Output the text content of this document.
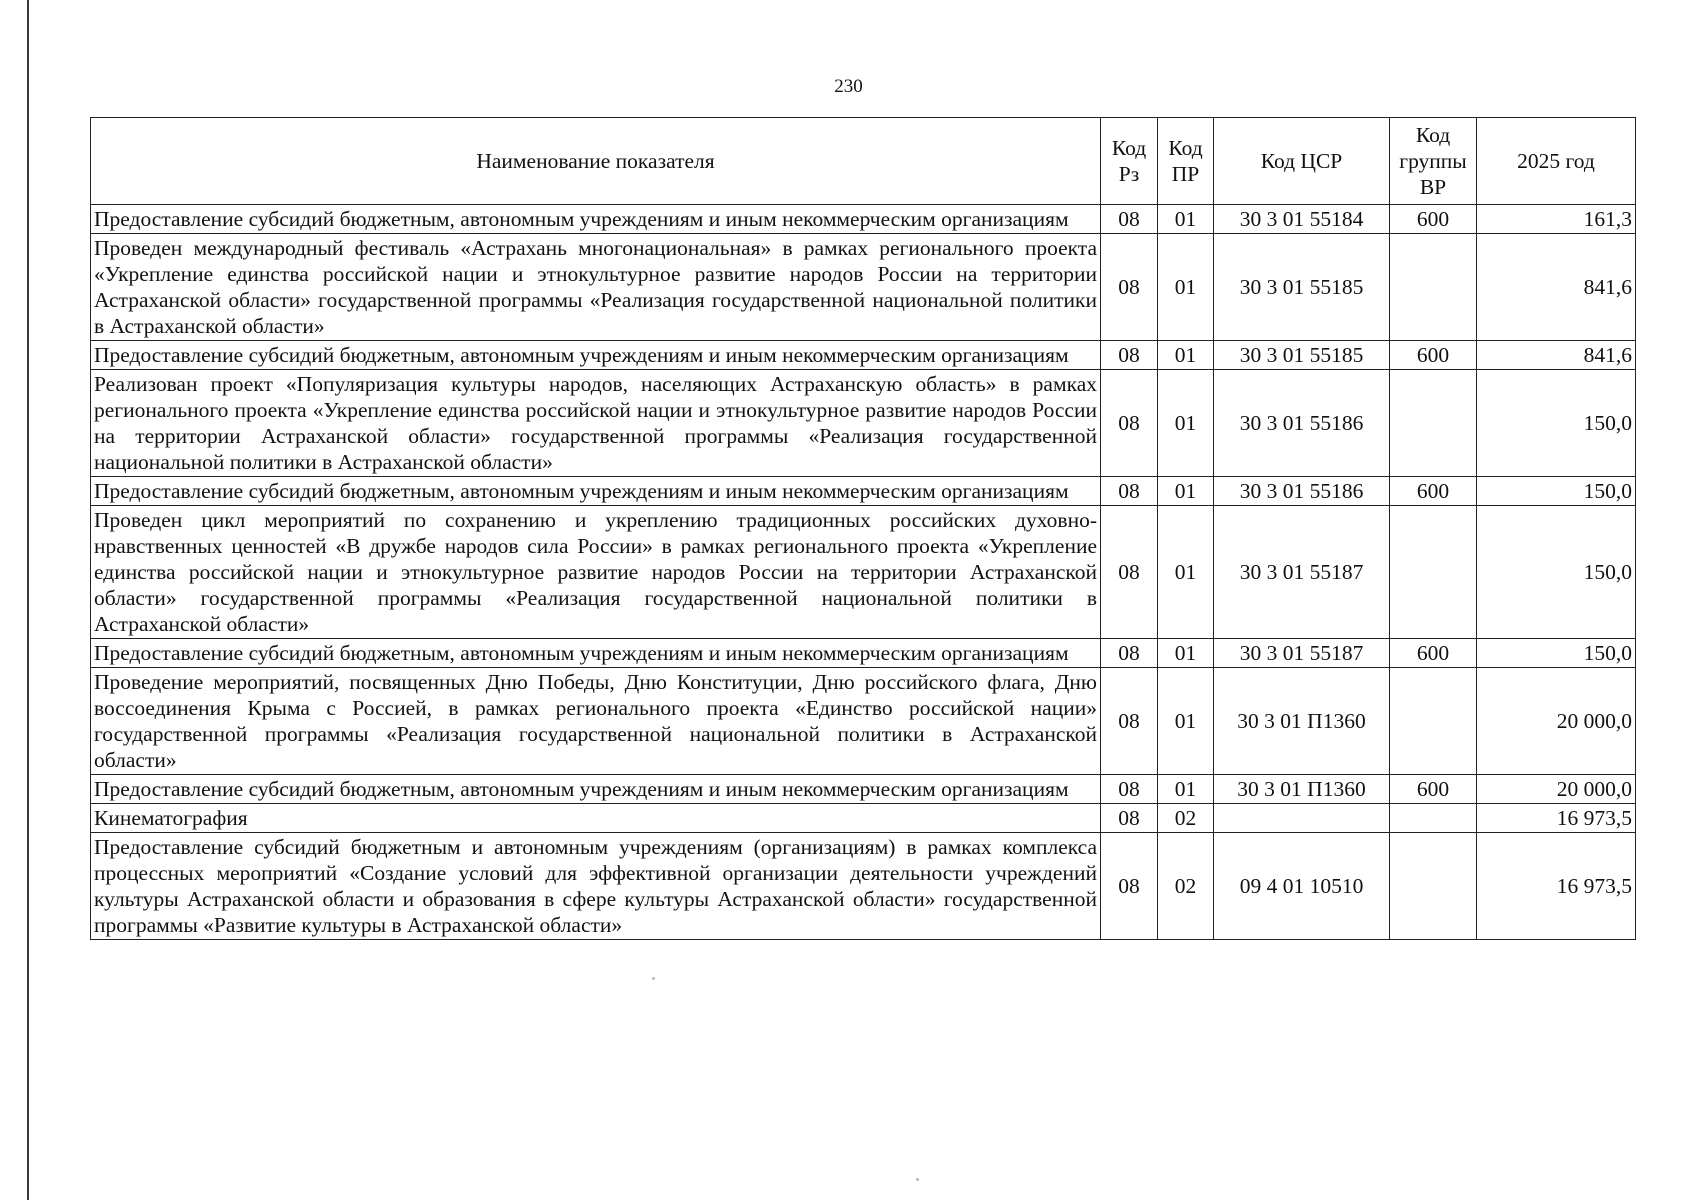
230
Наименование показателя	Код Рз	Код ПР	Код ЦСР	Код группы ВР	2025 год
Предоставление субсидий бюджетным, автономным учреждениям и иным некоммерческим организациям	08	01	30 3 01 55184	600	161,3
Проведен международный фестиваль «Астрахань многонациональная» в рамках регионального проекта «Укрепление единства российской нации и этнокультурное развитие народов России на территории Астраханской области» государственной программы «Реализация государственной национальной политики в Астраханской области»	08	01	30 3 01 55185		841,6
Предоставление субсидий бюджетным, автономным учреждениям и иным некоммерческим организациям	08	01	30 3 01 55185	600	841,6
Реализован проект «Популяризация культуры народов, населяющих Астраханскую область» в рамках регионального проекта «Укрепление единства российской нации и этнокультурное развитие народов России на территории Астраханской области» государственной программы «Реализация государственной национальной политики в Астраханской области»	08	01	30 3 01 55186		150,0
Предоставление субсидий бюджетным, автономным учреждениям и иным некоммерческим организациям	08	01	30 3 01 55186	600	150,0
Проведен цикл мероприятий по сохранению и укреплению традиционных российских духовно-нравственных ценностей «В дружбе народов сила России» в рамках регионального проекта «Укрепление единства российской нации и этнокультурное развитие народов России на территории Астраханской области» государственной программы «Реализация государственной национальной политики в Астраханской области»	08	01	30 3 01 55187		150,0
Предоставление субсидий бюджетным, автономным учреждениям и иным некоммерческим организациям	08	01	30 3 01 55187	600	150,0
Проведение мероприятий, посвященных Дню Победы, Дню Конституции, Дню российского флага, Дню воссоединения Крыма с Россией, в рамках регионального проекта «Единство российской нации» государственной программы «Реализация государственной национальной политики в Астраханской области»	08	01	30 3 01 П1360		20 000,0
Предоставление субсидий бюджетным, автономным учреждениям и иным некоммерческим организациям	08	01	30 3 01 П1360	600	20 000,0
Кинематография	08	02			16 973,5
Предоставление субсидий бюджетным и автономным учреждениям (организациям) в рамках комплекса процессных мероприятий «Создание условий для эффективной организации деятельности учреждений культуры Астраханской области и образования в сфере культуры Астраханской области» государственной программы «Развитие культуры в Астраханской области»	08	02	09 4 01 10510		16 973,5
